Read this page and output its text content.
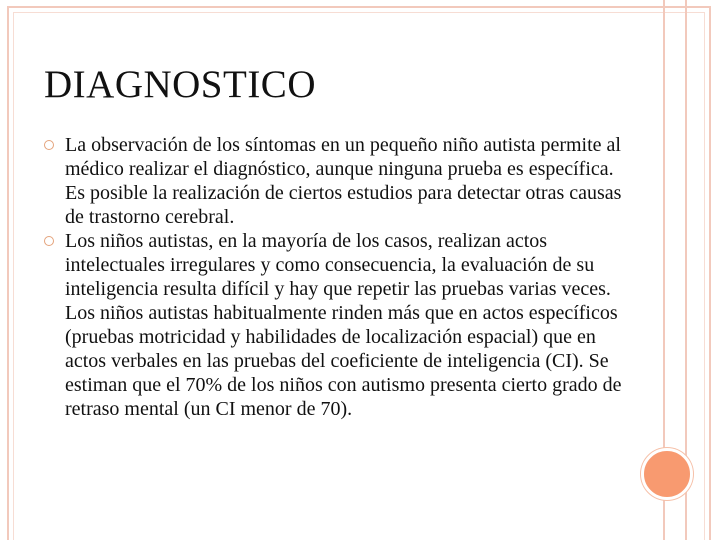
DIAGNOSTICO
La observación de los síntomas en un pequeño niño autista permite al médico realizar el diagnóstico, aunque ninguna prueba es específica. Es posible la realización de ciertos estudios para detectar otras causas de trastorno cerebral.
Los niños autistas, en la mayoría de los casos, realizan actos intelectuales irregulares y como consecuencia, la evaluación de su inteligencia resulta difícil y hay que repetir las pruebas varias veces. Los niños autistas habitualmente rinden más que en actos específicos (pruebas motricidad y habilidades de localización espacial) que en actos verbales en las pruebas del coeficiente de inteligencia (CI). Se estiman que el 70% de los niños con autismo presenta cierto grado de retraso mental (un CI menor de 70).
